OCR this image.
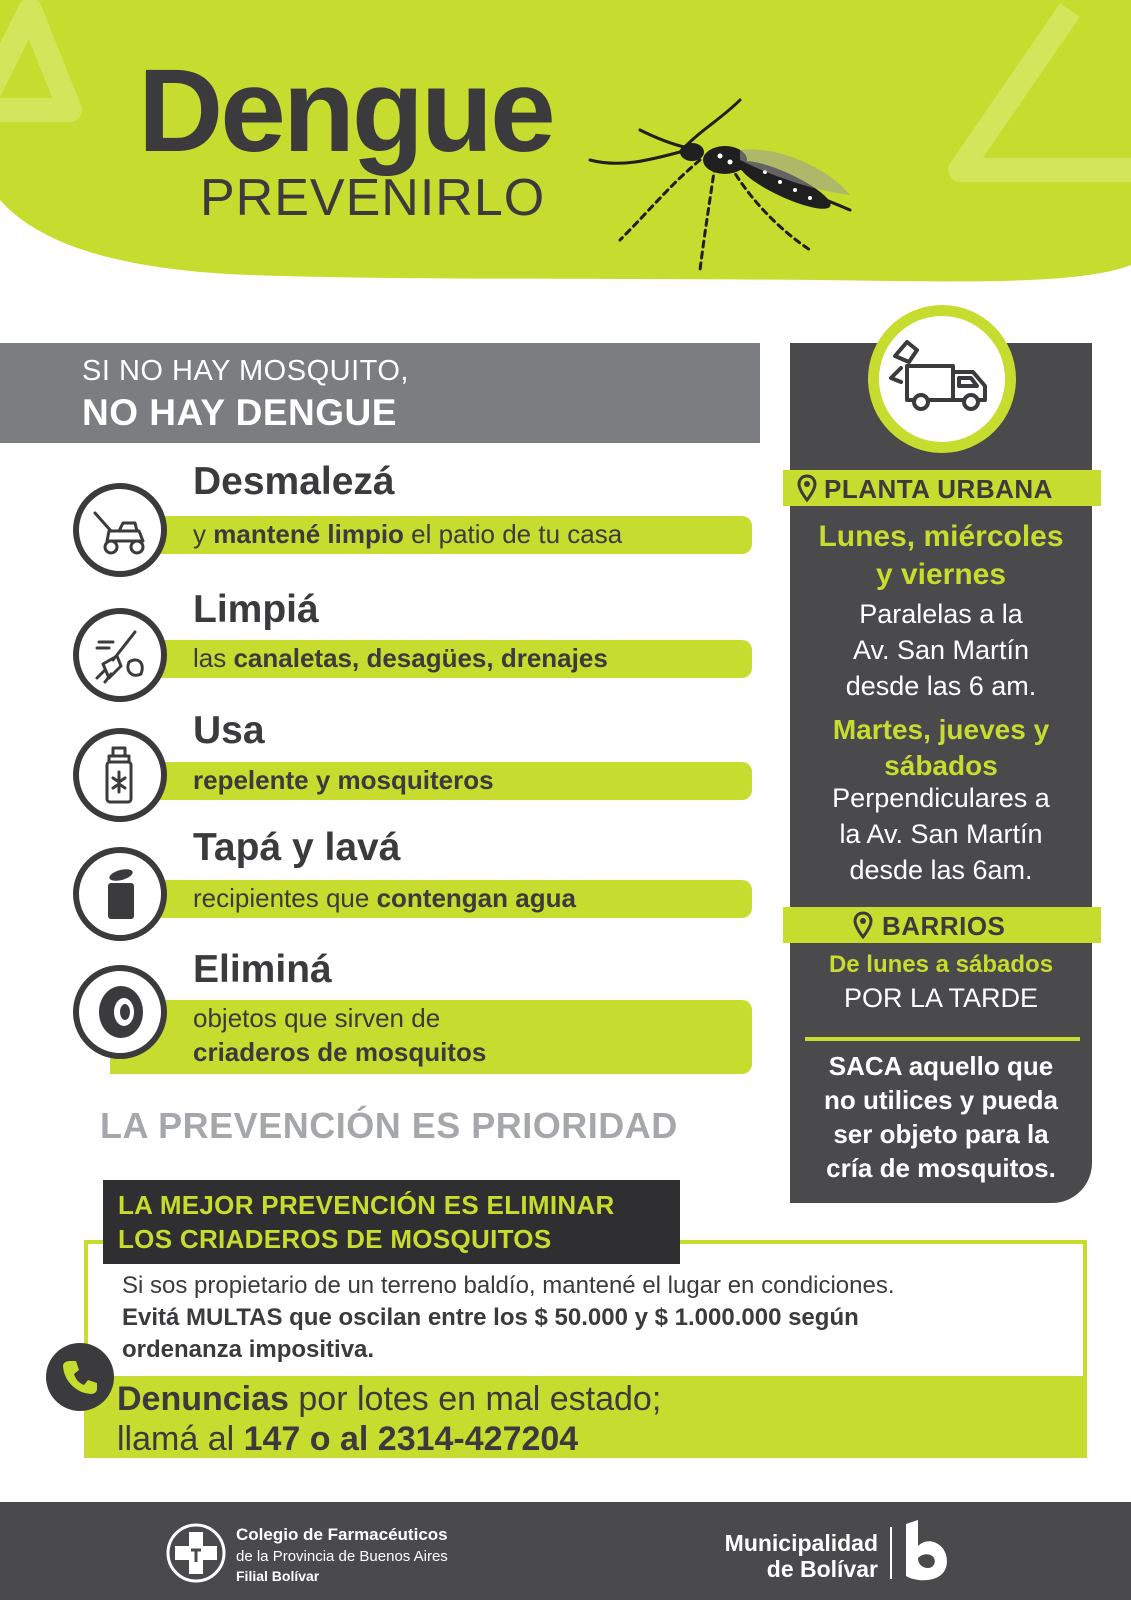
Dengue
PREVENIRLO
SI NO HAY MOSQUITO,
NO HAY DENGUE
Desmalezá
y mantené limpio el patio de tu casa
Limpiá
las canaletas, desagües, drenajes
Usa
repelente y mosquiteros
Tapá y lavá
recipientes que contengan agua
Eliminá
objetos que sirven de
criaderos de mosquitos
LA PREVENCIÓN ES PRIORIDAD
PLANTA URBANA
Lunes, miércoles
y viernes
Paralelas a la
Av. San Martín
desde las 6 am.
Martes, jueves y
sábados
Perpendiculares a
la Av. San Martín
desde las 6am.
BARRIOS
De lunes a sábados
POR LA TARDE
SACA aquello que
no utilices y pueda
ser objeto para la
cría de mosquitos.
LA MEJOR PREVENCIÓN ES ELIMINAR
LOS CRIADEROS DE MOSQUITOS
Si sos propietario de un terreno baldío, mantené el lugar en condiciones.
Evitá MULTAS que oscilan entre los $ 50.000 y $ 1.000.000 según
ordenanza impositiva.
Denuncias por lotes en mal estado;
llamá al 147 o al 2314-427204
Colegio de Farmacéuticos
de la Provincia de Buenos Aires
Filial Bolívar
Municipalidad
de Bolívar
